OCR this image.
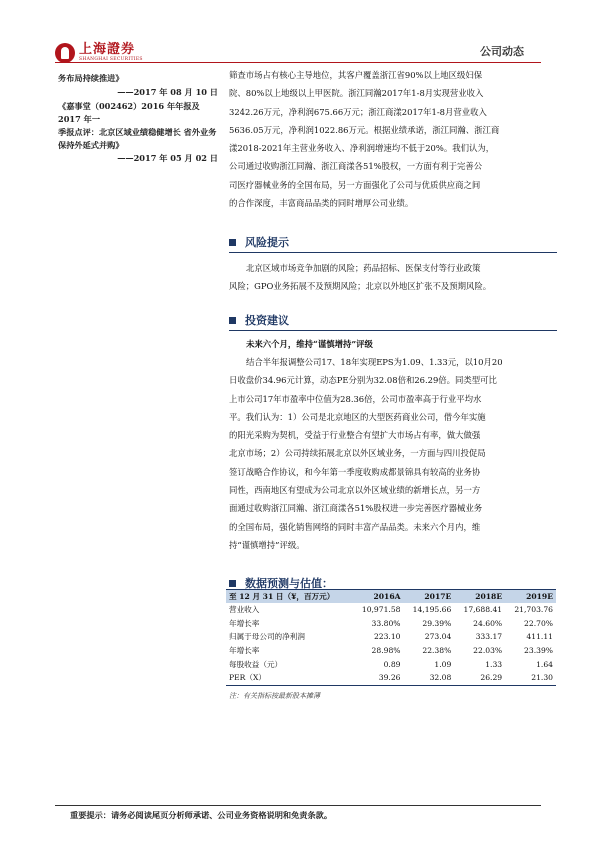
上海證券
SHANGHAI SECURITIES
公司动态
务布局持续推进》
——2017 年 08 月 10 日
《嘉事堂（002462）2016 年年报及 2017 年一
季报点评：北京区域业绩稳健增长 省外业务
保持外延式并购》
——2017 年 05 月 02 日
筛查市场占有核心主导地位，其客户覆盖浙江省90%以上地区级妇保
院、80%以上地级以上甲医院。浙江同瀚2017年1-8月实现营业收入
3242.26万元，净利润675.66万元；浙江商漾2017年1-8月营业收入
5636.05万元，净利润1022.86万元。根据业绩承诺，浙江同瀚、浙江商
漾2018-2021年主营业务收入、净利润增速均不低于20%。我们认为，
公司通过收购浙江同瀚、浙江商漾各51%股权，一方面有利于完善公
司医疗器械业务的全国布局，另一方面强化了公司与优质供应商之间
的合作深度，丰富商品品类的同时增厚公司业绩。
风险提示
北京区域市场竞争加剧的风险；药品招标、医保支付等行业政策
风险；GPO业务拓展不及预期风险；北京以外地区扩张不及预期风险。
投资建议
未来六个月，维持“谨慎增持”评级
结合半年报调整公司17、18年实现EPS为1.09、1.33元，以10月20
日收盘价34.96元计算，动态PE分别为32.08倍和26.29倍。同类型可比
上市公司17年市盈率中位值为28.36倍，公司市盈率高于行业平均水
平。我们认为：1）公司是北京地区的大型医药商业公司，借今年实施
的阳光采购为契机，受益于行业整合有望扩大市场占有率，做大做强
北京市场；2）公司持续拓展北京以外区域业务，一方面与四川投促局
签订战略合作协议，和今年第一季度收购成都景锦具有较高的业务协
同性，西南地区有望成为公司北京以外区域业绩的新增长点，另一方
面通过收购浙江同瀚、浙江商漾各51%股权进一步完善医疗器械业务
的全国布局，强化销售网络的同时丰富产品品类。未来六个月内，维
持“谨慎增持”评级。
数据预测与估值：
至 12 月 31 日（¥，百万元）	2016A	2017E	2018E	2019E
营业收入	10,971.58	14,195.66	17,688.41	21,703.76
年增长率	33.80%	29.39%	24.60%	22.70%
归属于母公司的净利润	223.10	273.04	333.17	411.11
年增长率	28.98%	22.38%	22.03%	23.39%
每股收益（元）	0.89	1.09	1.33	1.64
PER（X）	39.26	32.08	26.29	21.30
注：有关指标按最新股本摊薄
重要提示：请务必阅读尾页分析师承诺、公司业务资格说明和免责条款。
